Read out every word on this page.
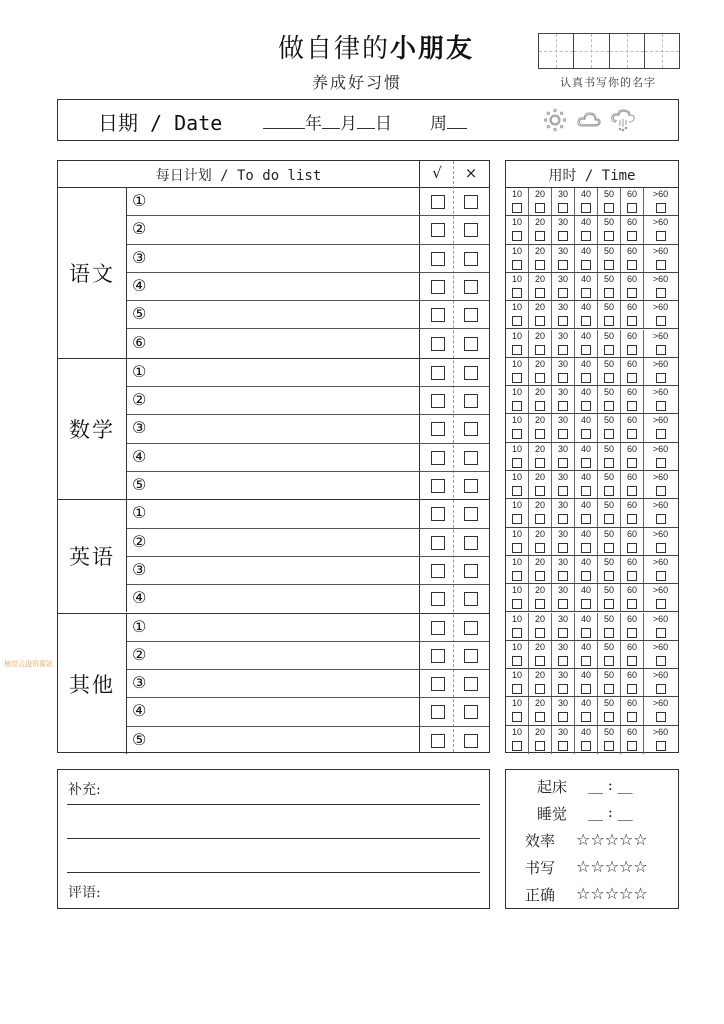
做自律的小朋友
养成好习惯	认真书写你的名字
日期 / Date	年 月 日 周
每日计划 / To do list	√	×
语文
①
②
③
④
⑤
⑥
数学
①
②
③
④
⑤
英语
①
②
③
④
其他
①
②
③
④
⑤
用时 / Time
10 20 30 40 50 60 >60
10 20 30 40 50 60 >60
10 20 30 40 50 60 >60
10 20 30 40 50 60 >60
10 20 30 40 50 60 >60
10 20 30 40 50 60 >60
10 20 30 40 50 60 >60
10 20 30 40 50 60 >60
10 20 30 40 50 60 >60
10 20 30 40 50 60 >60
10 20 30 40 50 60 >60
10 20 30 40 50 60 >60
10 20 30 40 50 60 >60
10 20 30 40 50 60 >60
10 20 30 40 50 60 >60
10 20 30 40 50 60 >60
10 20 30 40 50 60 >60
10 20 30 40 50 60 >60
10 20 30 40 50 60 >60
10 20 30 40 50 60 >60
补充:
评语:
起床 __ : __
睡觉 __ : __
效率 ☆☆☆☆☆
书写 ☆☆☆☆☆
正确 ☆☆☆☆☆
柚觉云盘资源站
